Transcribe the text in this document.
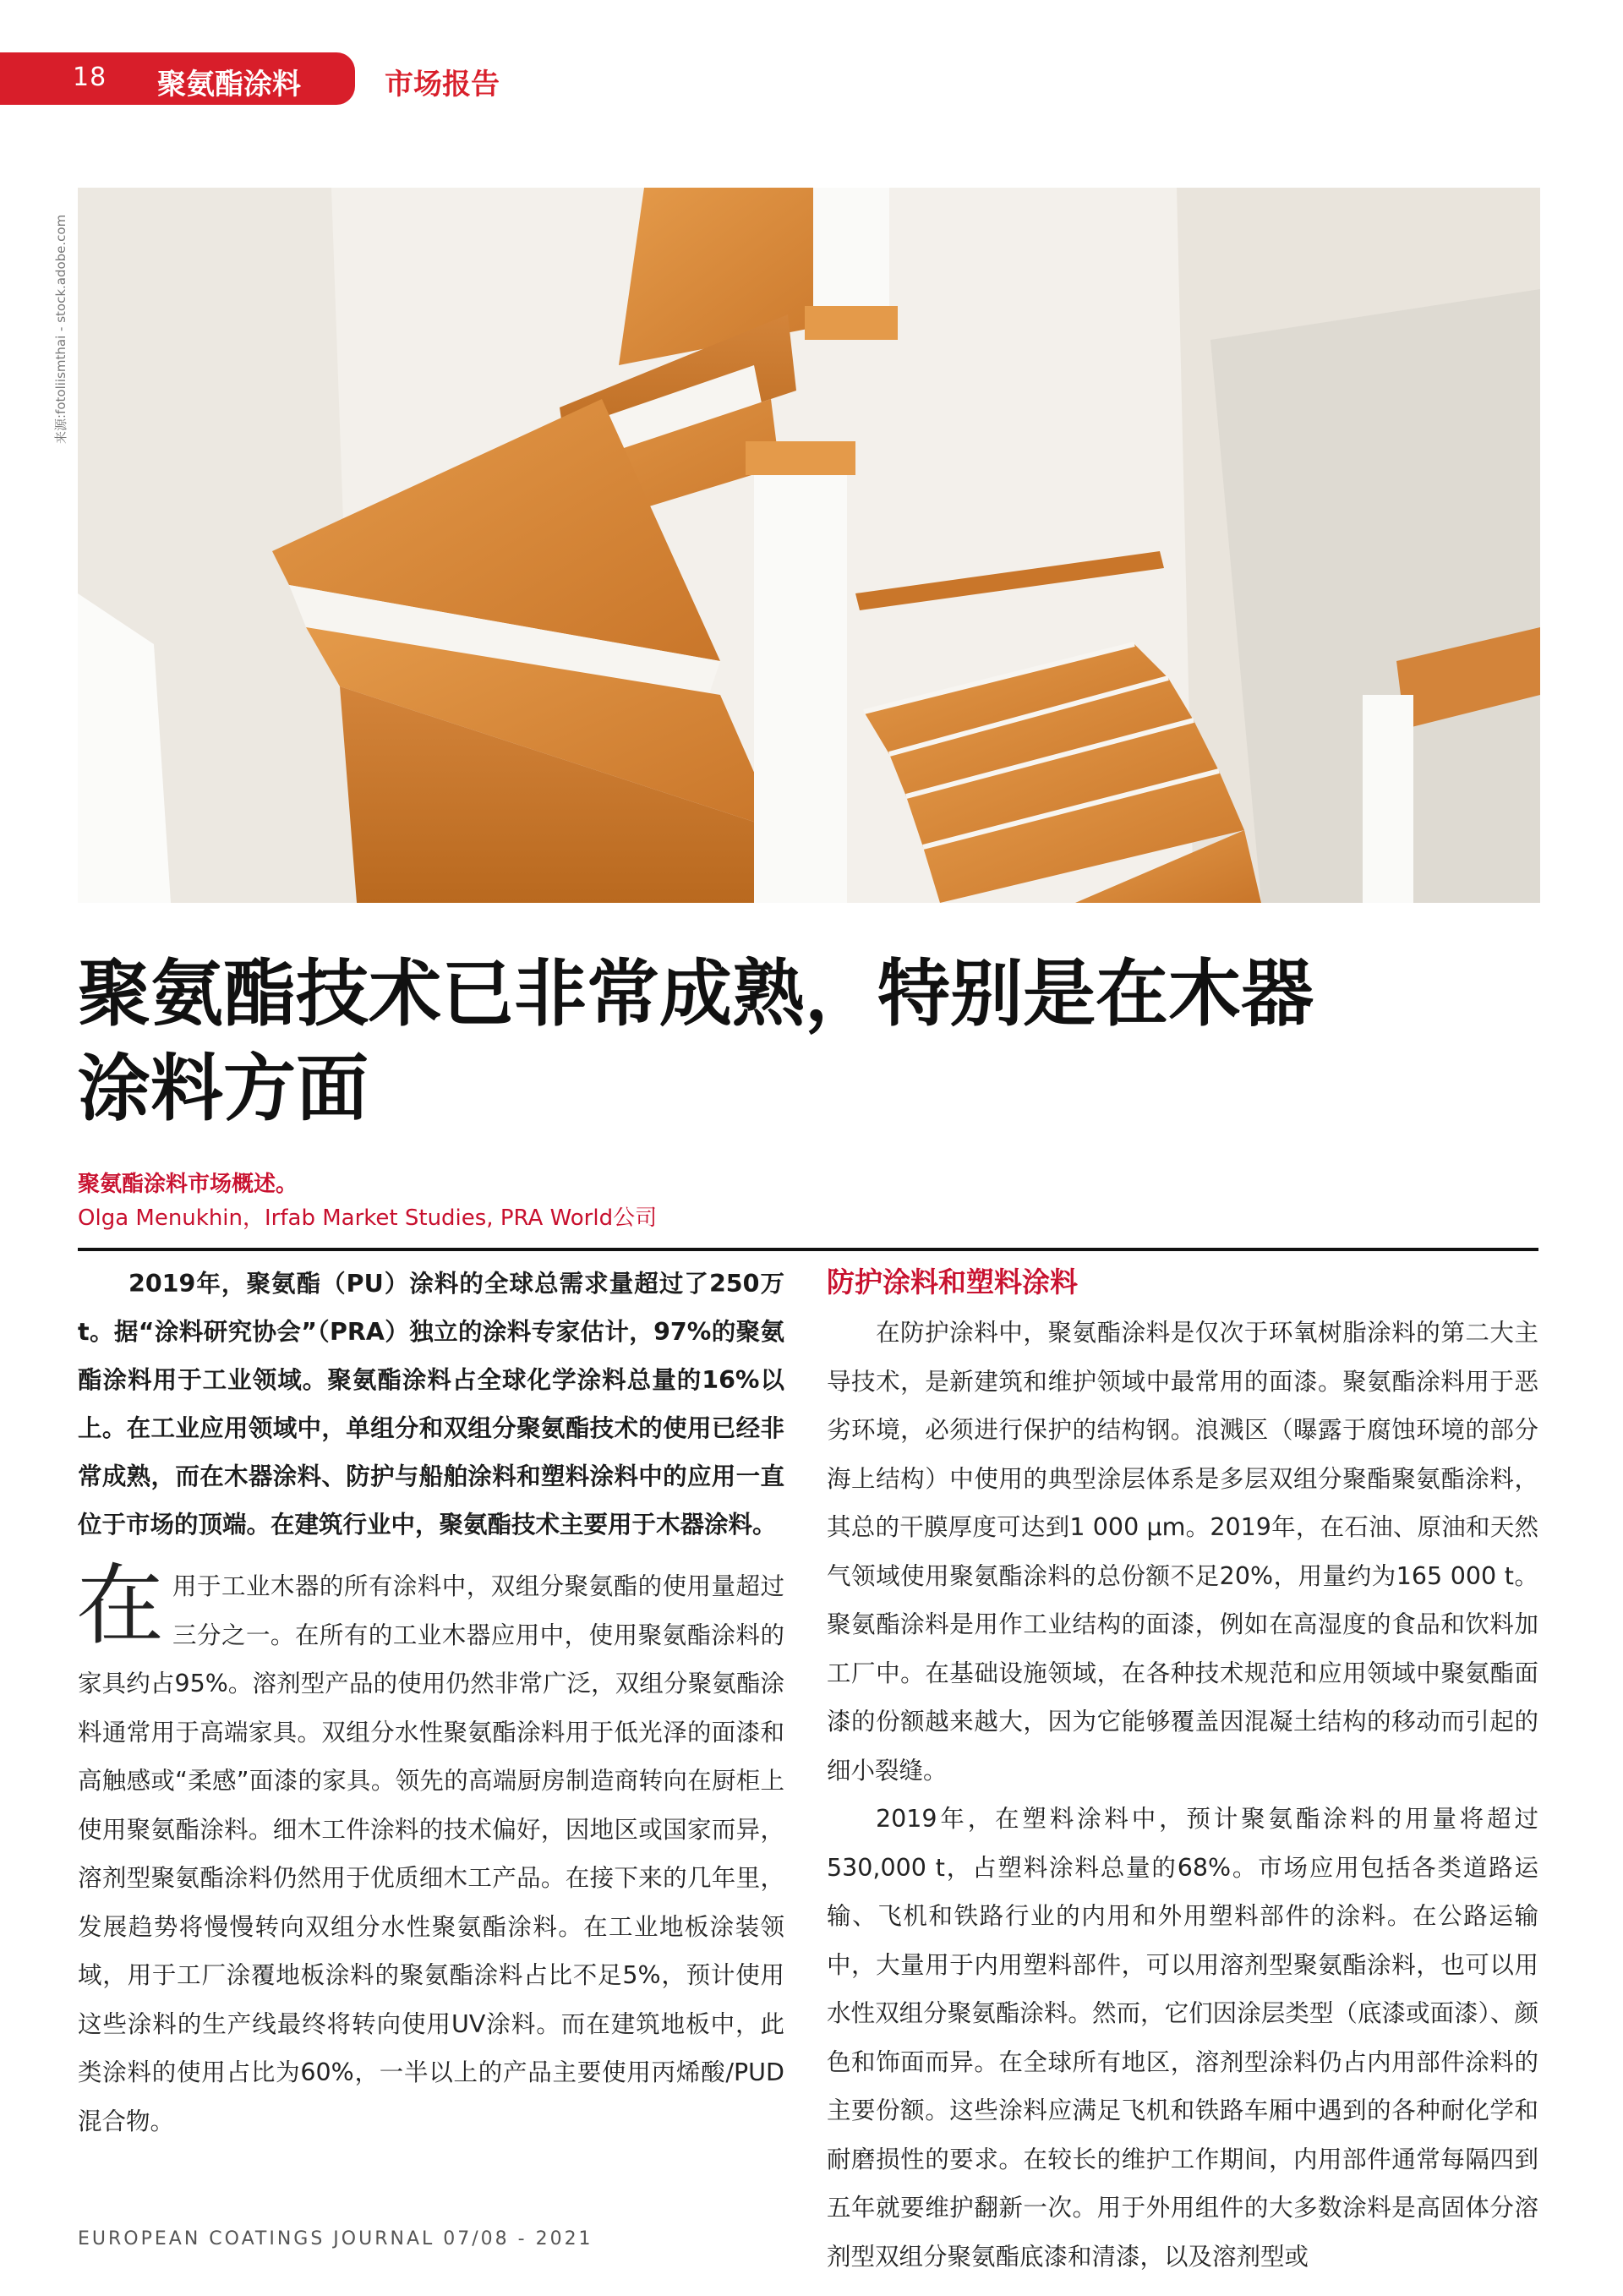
18 聚氨酯涂料	市场报告
来源:fotoliismthai - stock.adobe.com
聚氨酯技术已非常成熟，特别是在木器
涂料方面
聚氨酯涂料市场概述。
Olga Menukhin，Irfab Market Studies, PRA World公司

2019年，聚氨酯（PU）涂料的全球总需求量超过了250万t。据“涂料研究协会”（PRA）独立的涂料专家估计，97%的聚氨酯涂料用于工业领域。聚氨酯涂料占全球化学涂料总量的16%以上。在工业应用领域中，单组分和双组分聚氨酯技术的使用已经非常成熟，而在木器涂料、防护与船舶涂料和塑料涂料中的应用一直位于市场的顶端。在建筑行业中，聚氨酯技术主要用于木器涂料。

在用于工业木器的所有涂料中，双组分聚氨酯的使用量超过三分之一。在所有的工业木器应用中，使用聚氨酯涂料的家具约占95%。溶剂型产品的使用仍然非常广泛，双组分聚氨酯涂料通常用于高端家具。双组分水性聚氨酯涂料用于低光泽的面漆和高触感或“柔感”面漆的家具。领先的高端厨房制造商转向在厨柜上使用聚氨酯涂料。细木工件涂料的技术偏好，因地区或国家而异，溶剂型聚氨酯涂料仍然用于优质细木工产品。在接下来的几年里，发展趋势将慢慢转向双组分水性聚氨酯涂料。在工业地板涂装领域，用于工厂涂覆地板涂料的聚氨酯涂料占比不足5%，预计使用这些涂料的生产线最终将转向使用UV涂料。而在建筑地板中，此类涂料的使用占比为60%，一半以上的产品主要使用丙烯酸/PUD混合物。

防护涂料和塑料涂料

在防护涂料中，聚氨酯涂料是仅次于环氧树脂涂料的第二大主导技术，是新建筑和维护领域中最常用的面漆。聚氨酯涂料用于恶劣环境，必须进行保护的结构钢。浪溅区（曝露于腐蚀环境的部分海上结构）中使用的典型涂层体系是多层双组分聚酯聚氨酯涂料，其总的干膜厚度可达到1 000 μm。2019年，在石油、原油和天然气领域使用聚氨酯涂料的总份额不足20%，用量约为165 000 t。聚氨酯涂料是用作工业结构的面漆，例如在高湿度的食品和饮料加工厂中。在基础设施领域，在各种技术规范和应用领域中聚氨酯面漆的份额越来越大，因为它能够覆盖因混凝土结构的移动而引起的细小裂缝。

2019年，在塑料涂料中，预计聚氨酯涂料的用量将超过530,000 t，占塑料涂料总量的68%。市场应用包括各类道路运输、飞机和铁路行业的内用和外用塑料部件的涂料。在公路运输中，大量用于内用塑料部件，可以用溶剂型聚氨酯涂料，也可以用水性双组分聚氨酯涂料。然而，它们因涂层类型（底漆或面漆）、颜色和饰面而异。在全球所有地区，溶剂型涂料仍占内用部件涂料的主要份额。这些涂料应满足飞机和铁路车厢中遇到的各种耐化学和耐磨损性的要求。在较长的维护工作期间，内用部件通常每隔四到五年就要维护翻新一次。用于外用组件的大多数涂料是高固体分溶剂型双组分聚氨酯底漆和清漆，以及溶剂型或

EUROPEAN COATINGS JOURNAL 07/08 - 2021
